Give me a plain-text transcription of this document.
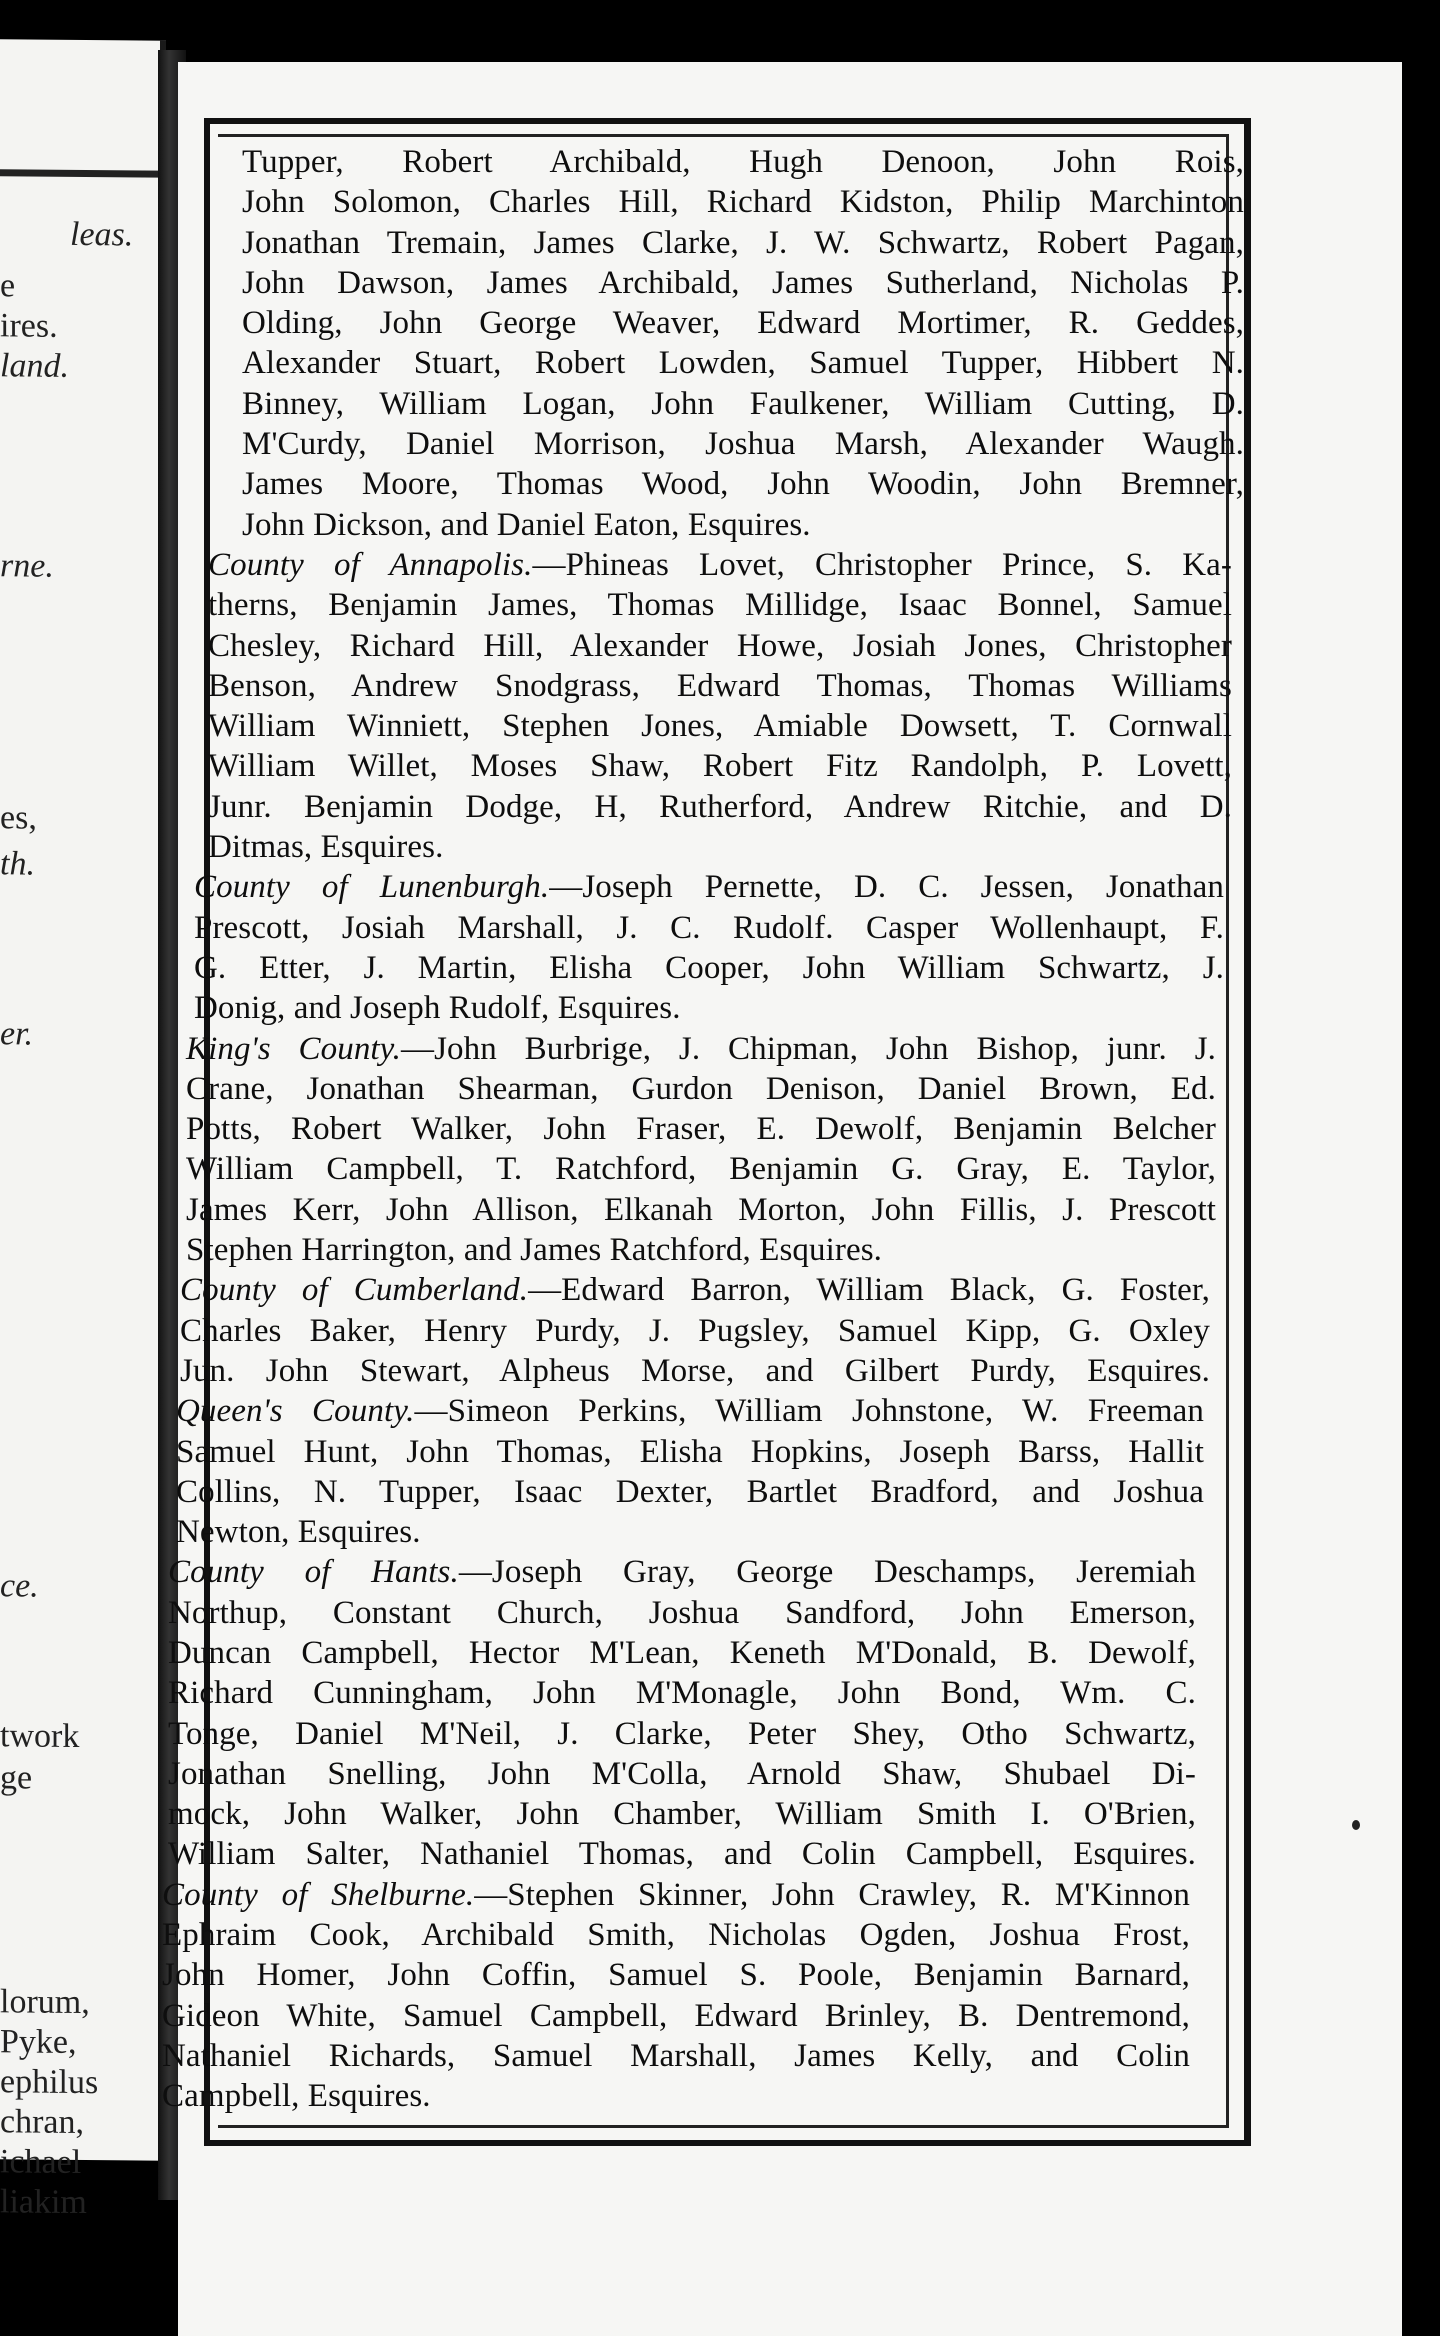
leas.
e
ires.
land.
rne.
es,
th.
er.
ce.
twork
ge
lorum,
Pyke,
ephilus
chran,
ichael
liakim
Tupper, Robert Archibald, Hugh Denoon, John Rois,
John Solomon, Charles Hill, Richard Kidston, Philip Marchinton
Jonathan Tremain, James Clarke, J. W. Schwartz, Robert Pagan,
John Dawson, James Archibald, James Sutherland, Nicholas P.
Olding, John George Weaver, Edward Mortimer, R. Geddes,
Alexander Stuart, Robert Lowden, Samuel Tupper, Hibbert N.
Binney, William Logan, John Faulkener, William Cutting, D.
M'Curdy, Daniel Morrison, Joshua Marsh, Alexander Waugh.
James Moore, Thomas Wood, John Woodin, John Bremner,
John Dickson, and Daniel Eaton, Esquires.
County of Annapolis.—Phineas Lovet, Christopher Prince, S. Ka-
therns, Benjamin James, Thomas Millidge, Isaac Bonnel, Samuel
Chesley, Richard Hill, Alexander Howe, Josiah Jones, Christopher
Benson, Andrew Snodgrass, Edward Thomas, Thomas Williams
William Winniett, Stephen Jones, Amiable Dowsett, T. Cornwall
William Willet, Moses Shaw, Robert Fitz Randolph, P. Lovett,
Junr. Benjamin Dodge, H, Rutherford, Andrew Ritchie, and D.
Ditmas, Esquires.
County of Lunenburgh.—Joseph Pernette, D. C. Jessen, Jonathan
Prescott, Josiah Marshall, J. C. Rudolf. Casper Wollenhaupt, F.
G. Etter, J. Martin, Elisha Cooper, John William Schwartz, J.
Donig, and Joseph Rudolf, Esquires.
King's County.—John Burbrige, J. Chipman, John Bishop, junr. J.
Crane, Jonathan Shearman, Gurdon Denison, Daniel Brown, Ed.
Potts, Robert Walker, John Fraser, E. Dewolf, Benjamin Belcher
William Campbell, T. Ratchford, Benjamin G. Gray, E. Taylor,
James Kerr, John Allison, Elkanah Morton, John Fillis, J. Prescott
Stephen Harrington, and James Ratchford, Esquires.
County of Cumberland.—Edward Barron, William Black, G. Foster,
Charles Baker, Henry Purdy, J. Pugsley, Samuel Kipp, G. Oxley
Jun. John Stewart, Alpheus Morse, and Gilbert Purdy, Esquires.
Queen's County.—Simeon Perkins, William Johnstone, W. Freeman
Samuel Hunt, John Thomas, Elisha Hopkins, Joseph Barss, Hallit
Collins, N. Tupper, Isaac Dexter, Bartlet Bradford, and Joshua
Newton, Esquires.
County of Hants.—Joseph Gray, George Deschamps, Jeremiah
Northup, Constant Church, Joshua Sandford, John Emerson,
Duncan Campbell, Hector M'Lean, Keneth M'Donald, B. Dewolf,
Richard Cunningham, John M'Monagle, John Bond, Wm. C.
Tonge, Daniel M'Neil, J. Clarke, Peter Shey, Otho Schwartz,
Jonathan Snelling, John M'Colla, Arnold Shaw, Shubael Di-
mock, John Walker, John Chamber, William Smith I. O'Brien,
William Salter, Nathaniel Thomas, and Colin Campbell, Esquires.
County of Shelburne.—Stephen Skinner, John Crawley, R. M'Kinnon
Ephraim Cook, Archibald Smith, Nicholas Ogden, Joshua Frost,
John Homer, John Coffin, Samuel S. Poole, Benjamin Barnard,
Gideon White, Samuel Campbell, Edward Brinley, B. Dentremond,
Nathaniel Richards, Samuel Marshall, James Kelly, and Colin
Campbell, Esquires.
